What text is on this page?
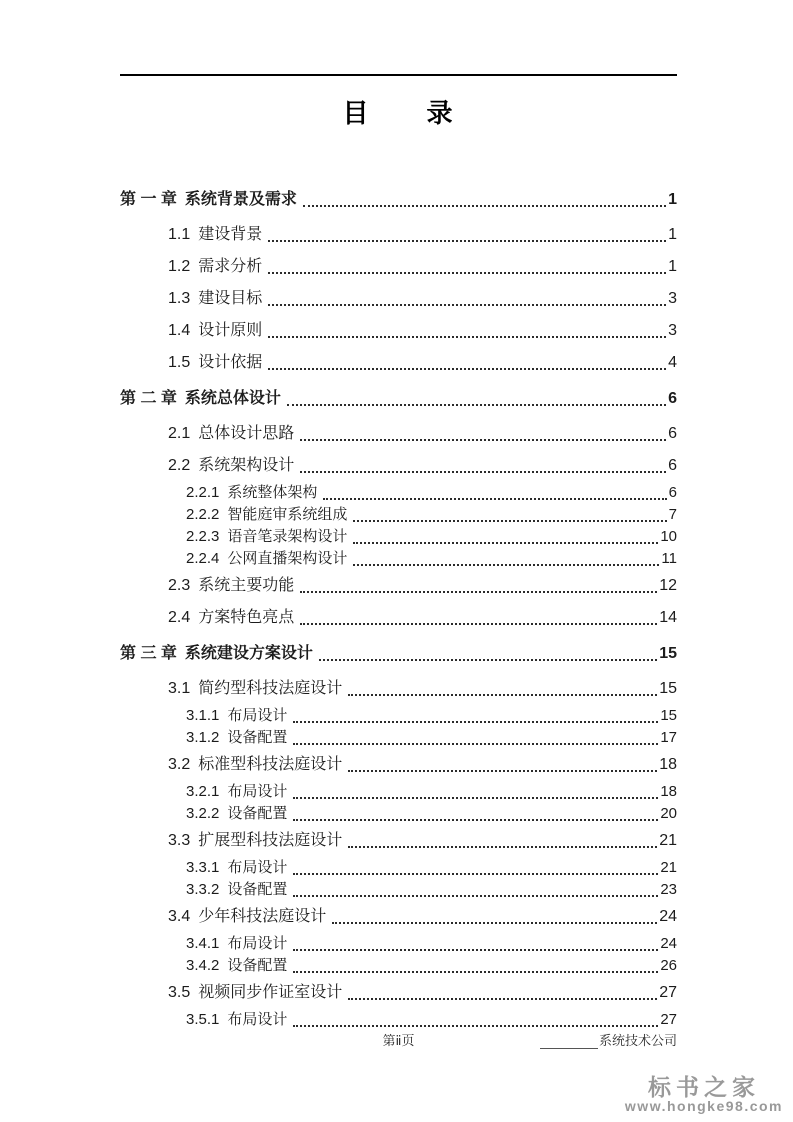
目　　录
第 一 章 系统背景及需求	1
1.1 建设背景	1
1.2 需求分析	1
1.3 建设目标	3
1.4 设计原则	3
1.5 设计依据	4
第 二 章 系统总体设计	6
2.1 总体设计思路	6
2.2 系统架构设计	6
2.2.1 系统整体架构	6
2.2.2 智能庭审系统组成	7
2.2.3 语音笔录架构设计	10
2.2.4 公网直播架构设计	11
2.3 系统主要功能	12
2.4 方案特色亮点	14
第 三 章 系统建设方案设计	15
3.1 简约型科技法庭设计	15
3.1.1 布局设计	15
3.1.2 设备配置	17
3.2 标准型科技法庭设计	18
3.2.1 布局设计	18
3.2.2 设备配置	20
3.3 扩展型科技法庭设计	21
3.3.1 布局设计	21
3.3.2 设备配置	23
3.4 少年科技法庭设计	24
3.4.1 布局设计	24
3.4.2 设备配置	26
3.5 视频同步作证室设计	27
3.5.1 布局设计	27
第ⅱ页	系统技术公司
标书之家
www.hongke98.com
